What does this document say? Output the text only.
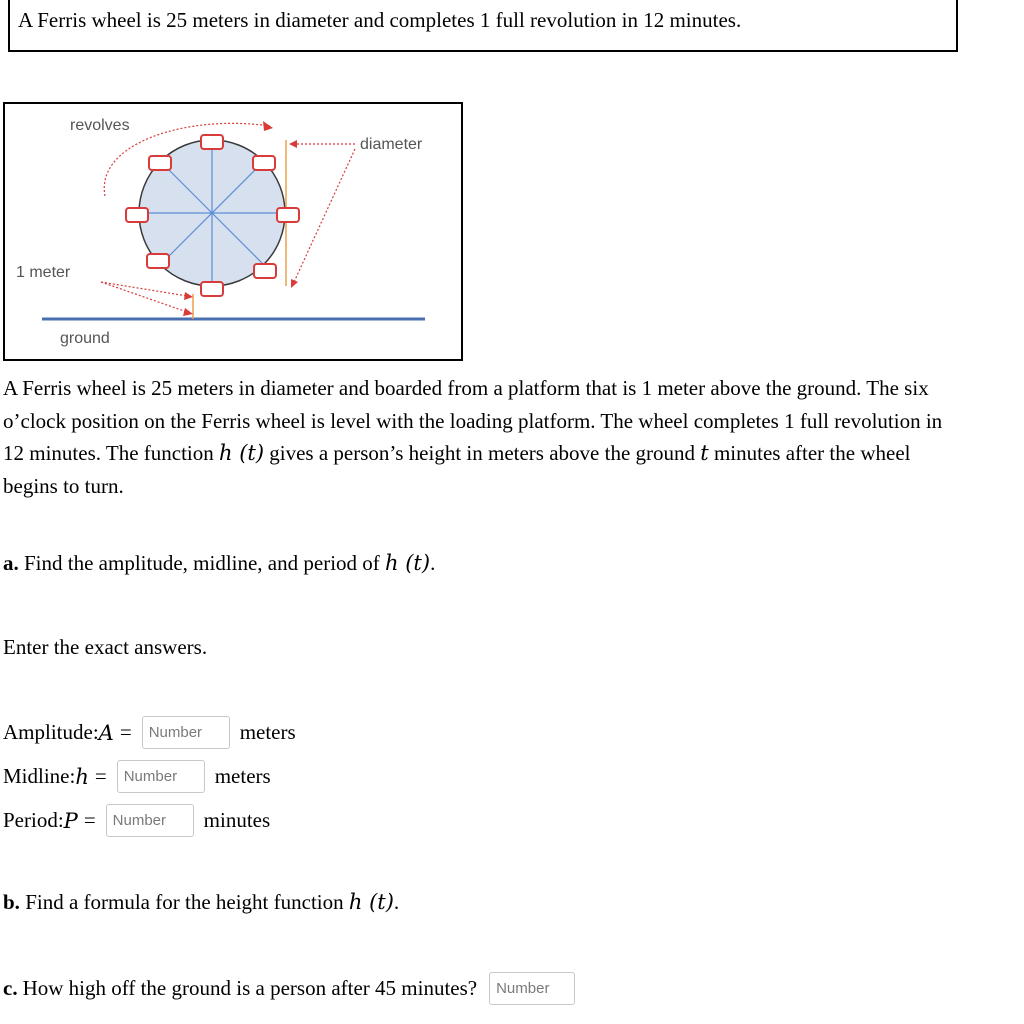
A Ferris wheel is 25 meters in diameter and completes 1 full revolution in 12 minutes.
revolves
diameter
ground
1 meter
A Ferris wheel is 25 meters in diameter and boarded from a platform that is 1 meter above the ground. The six o’clock position on the Ferris wheel is level with the loading platform. The wheel completes 1 full revolution in 12 minutes. The function h (t) gives a person’s height in meters above the ground t minutes after the wheel begins to turn.
a. Find the amplitude, midline, and period of h (t).
Enter the exact answers.
Amplitude: A =
Number	meters
Midline: h =
Number	meters
Period: P =
Number	minutes
b. Find a formula for the height function h (t).
c. How high off the ground is a person after 45 minutes?
Number
